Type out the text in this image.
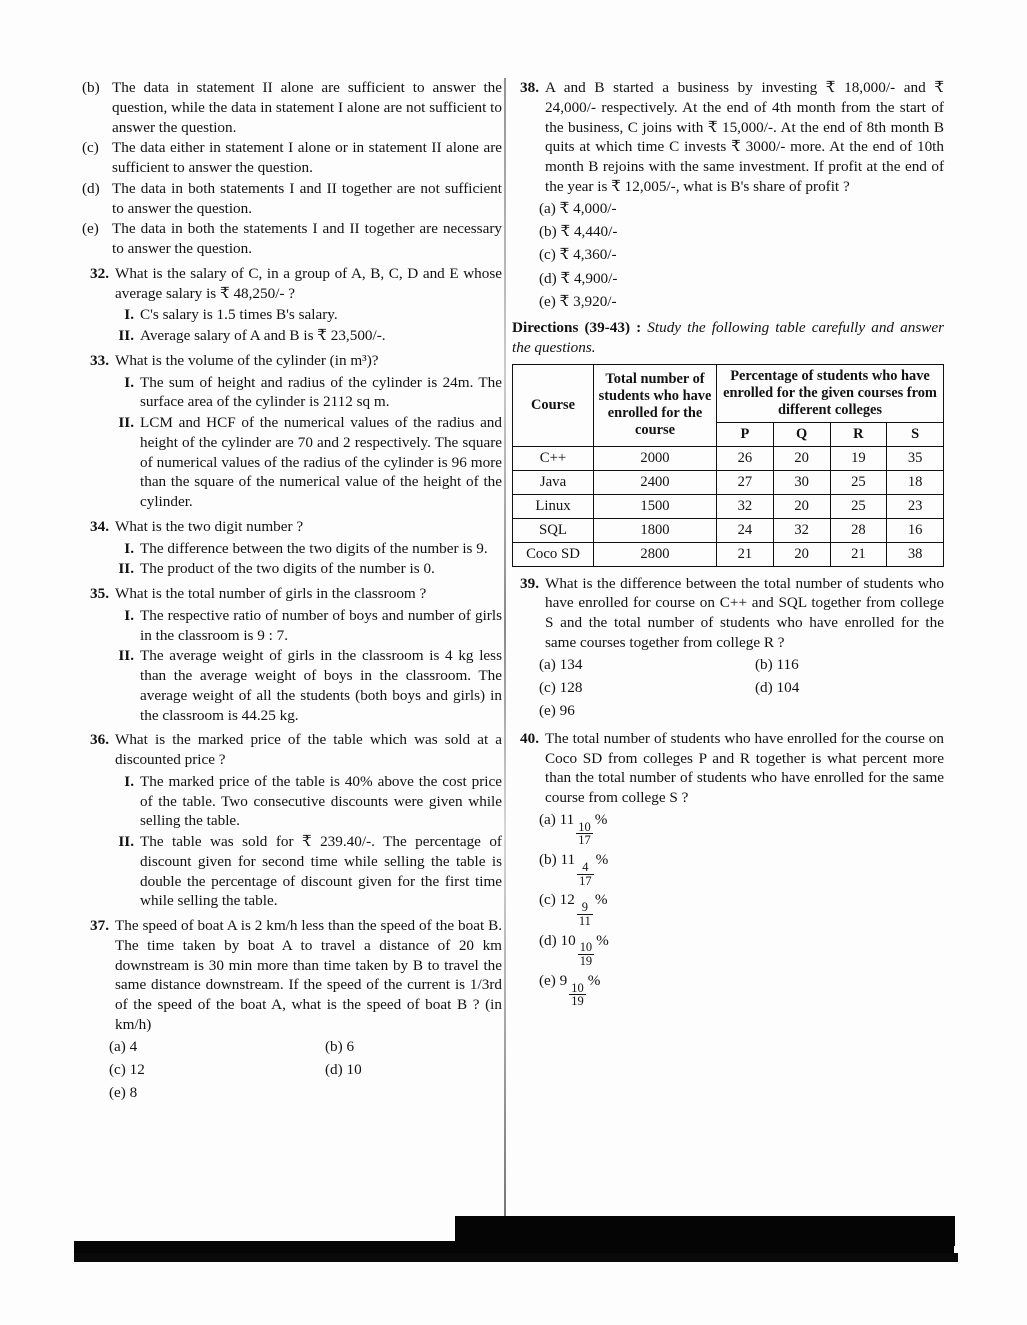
(b) The data in statement II alone are sufficient to answer the question, while the data in statement I alone are not sufficient to answer the question.
(c) The data either in statement I alone or in statement II alone are sufficient to answer the question.
(d) The data in both statements I and II together are not sufficient to answer the question.
(e) The data in both the statements I and II together are necessary to answer the question.
32. What is the salary of C, in a group of A, B, C, D and E whose average salary is ₹ 48,250/- ?
I. C's salary is 1.5 times B's salary.
II. Average salary of A and B is ₹ 23,500/-.
33. What is the volume of the cylinder (in m³)?
I. The sum of height and radius of the cylinder is 24m. The surface area of the cylinder is 2112 sq m.
II. LCM and HCF of the numerical values of the radius and height of the cylinder are 70 and 2 respectively. The square of numerical values of the radius of the cylinder is 96 more than the square of the numerical value of the height of the cylinder.
34. What is the two digit number ?
I. The difference between the two digits of the number is 9.
II. The product of the two digits of the number is 0.
35. What is the total number of girls in the classroom ?
I. The respective ratio of number of boys and number of girls in the classroom is 9 : 7.
II. The average weight of girls in the classroom is 4 kg less than the average weight of boys in the classroom. The average weight of all the students (both boys and girls) in the classroom is 44.25 kg.
36. What is the marked price of the table which was sold at a discounted price ?
I. The marked price of the table is 40% above the cost price of the table. Two consecutive discounts were given while selling the table.
II. The table was sold for ₹ 239.40/-. The percentage of discount given for second time while selling the table is double the percentage of discount given for the first time while selling the table.
37. The speed of boat A is 2 km/h less than the speed of the boat B. The time taken by boat A to travel a distance of 20 km downstream is 30 min more than time taken by B to travel the same distance downstream. If the speed of the current is 1/3rd of the speed of the boat A, what is the speed of boat B ? (in km/h)
(a) 4	(b) 6
(c) 12	(d) 10
(e) 8
38. A and B started a business by investing ₹ 18,000/- and ₹ 24,000/- respectively. At the end of 4th month from the start of the business, C joins with ₹ 15,000/-. At the end of 8th month B quits at which time C invests ₹ 3000/- more. At the end of 10th month B rejoins with the same investment. If profit at the end of the year is ₹ 12,005/-, what is B's share of profit ?
(a) ₹ 4,000/-
(b) ₹ 4,440/-
(c) ₹ 4,360/-
(d) ₹ 4,900/-
(e) ₹ 3,920/-
Directions (39-43) : Study the following table carefully and answer the questions.
Course	Total number of students who have enrolled for the course	Percentage of students who have enrolled for the given courses from different colleges			
		P	Q	R	S
C++	2000	26	20	19	35
Java	2400	27	30	25	18
Linux	1500	32	20	25	23
SQL	1800	24	32	28	16
Coco SD	2800	21	20	21	38
39. What is the difference between the total number of students who have enrolled for course on C++ and SQL together from college S and the total number of students who have enrolled for the same courses together from college R ?
(a) 134	(b) 116
(c) 128	(d) 104
(e) 96
40. The total number of students who have enrolled for the course on Coco SD from colleges P and R together is what percent more than the total number of students who have enrolled for the same course from college S ?
(a) 11
$\frac{10}{17}$
%
(b) 11
$\frac{4}{17}$
%
(c) 12
$\frac{9}{11}$
%
(d) 10
$\frac{10}{19}$
%
(e) 9
$\frac{10}{19}$
%
